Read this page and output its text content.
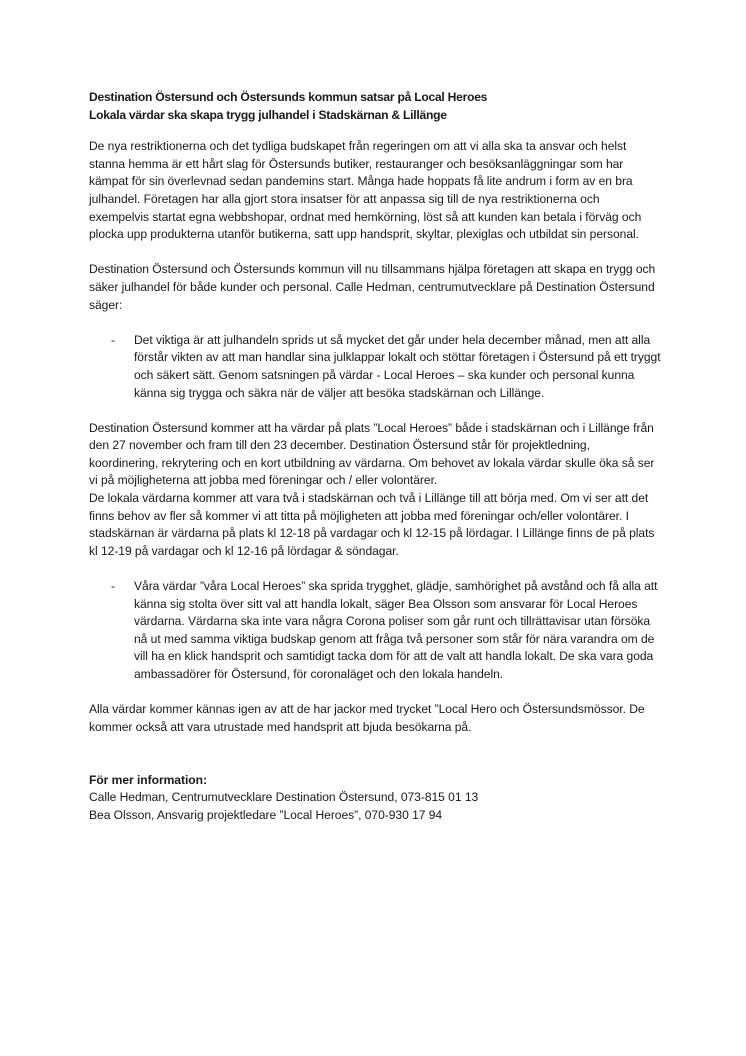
Destination Östersund och Östersunds kommun satsar på Local Heroes

Lokala värdar ska skapa trygg julhandel i Stadskärnan & Lillänge

De nya restriktionerna och det tydliga budskapet från regeringen om att vi alla ska ta ansvar och helst stanna hemma är ett hårt slag för Östersunds butiker, restauranger och besöksanläggningar som har kämpat för sin överlevnad sedan pandemins start. Många hade hoppats få lite andrum i form av en bra julhandel. Företagen har alla gjort stora insatser för att anpassa sig till de nya restriktionerna och exempelvis startat egna webbshopar, ordnat med hemkörning, löst så att kunden kan betala i förväg och plocka upp produkterna utanför butikerna, satt upp handsprit, skyltar, plexiglas och utbildat sin personal.

Destination Östersund och Östersunds kommun vill nu tillsammans hjälpa företagen att skapa en trygg och säker julhandel för både kunder och personal. Calle Hedman, centrumutvecklare på Destination Östersund säger:

- Det viktiga är att julhandeln sprids ut så mycket det går under hela december månad, men att alla förstår vikten av att man handlar sina julklappar lokalt och stöttar företagen i Östersund på ett tryggt och säkert sätt. Genom satsningen på värdar - Local Heroes – ska kunder och personal kunna känna sig trygga och säkra när de väljer att besöka stadskärnan och Lillänge.

Destination Östersund kommer att ha värdar på plats ”Local Heroes” både i stadskärnan och i Lillänge från den 27 november och fram till den 23 december. Destination Östersund står för projektledning, koordinering, rekrytering och en kort utbildning av värdarna. Om behovet av lokala värdar skulle öka så ser vi på möjligheterna att jobba med föreningar och / eller volontärer.

De lokala värdarna kommer att vara två i stadskärnan och två i Lillänge till att börja med. Om vi ser att det finns behov av fler så kommer vi att titta på möjligheten att jobba med föreningar och/eller volontärer. I stadskärnan är värdarna på plats kl 12-18 på vardagar och kl 12-15 på lördagar. I Lillänge finns de på plats kl 12-19 på vardagar och kl 12-16 på lördagar & söndagar.

- Våra värdar ”våra Local Heroes” ska sprida trygghet, glädje, samhörighet på avstånd och få alla att känna sig stolta över sitt val att handla lokalt, säger Bea Olsson som ansvarar för Local Heroes värdarna. Värdarna ska inte vara några Corona poliser som går runt och tillrättavisar utan försöka nå ut med samma viktiga budskap genom att fråga två personer som står för nära varandra om de vill ha en klick handsprit och samtidigt tacka dom för att de valt att handla lokalt. De ska vara goda ambassadörer för Östersund, för coronaläget och den lokala handeln.

Alla värdar kommer kännas igen av att de har jackor med trycket ”Local Hero och Östersundsmössor. De kommer också att vara utrustade med handsprit att bjuda besökarna på.

För mer information:

Calle Hedman, Centrumutvecklare Destination Östersund, 073-815 01 13

Bea Olsson, Ansvarig projektledare ”Local Heroes”, 070-930 17 94
